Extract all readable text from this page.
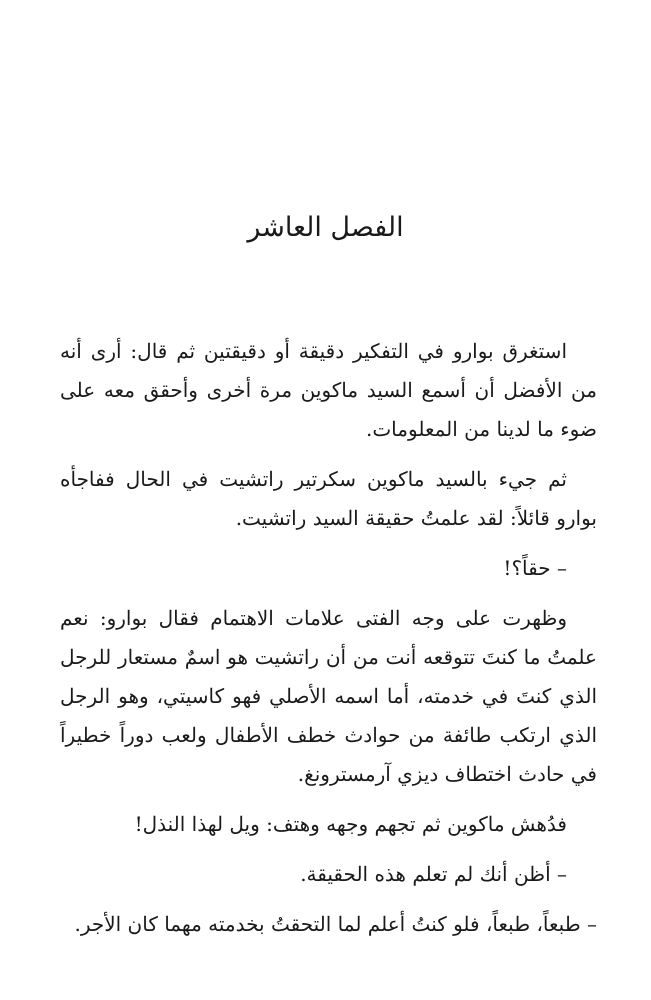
الفصل العاشر

استغرق بوارو في التفكير دقيقة أو دقيقتين ثم قال: أرى أنه من الأفضل أن أسمع السيد ماكوين مرة أخرى وأحقق معه على ضوء ما لدينا من المعلومات.

ثم جيء بالسيد ماكوين سكرتير راتشيت في الحال ففاجأه بوارو قائلاً: لقد علمتُ حقيقة السيد راتشيت.

– حقاً؟!

وظهرت على وجه الفتى علامات الاهتمام فقال بوارو: نعم علمتُ ما كنتَ تتوقعه أنت من أن راتشيت هو اسمٌ مستعار للرجل الذي كنتَ في خدمته، أما اسمه الأصلي فهو كاسيتي، وهو الرجل الذي ارتكب طائفة من حوادث خطف الأطفال ولعب دوراً خطيراً في حادث اختطاف ديزي آرمسترونغ.

فدُهش ماكوين ثم تجهم وجهه وهتف: ويل لهذا النذل!

– أظن أنك لم تعلم هذه الحقيقة.

– طبعاً، طبعاً، فلو كنتُ أعلم لما التحقتُ بخدمته مهما كان الأجر.
